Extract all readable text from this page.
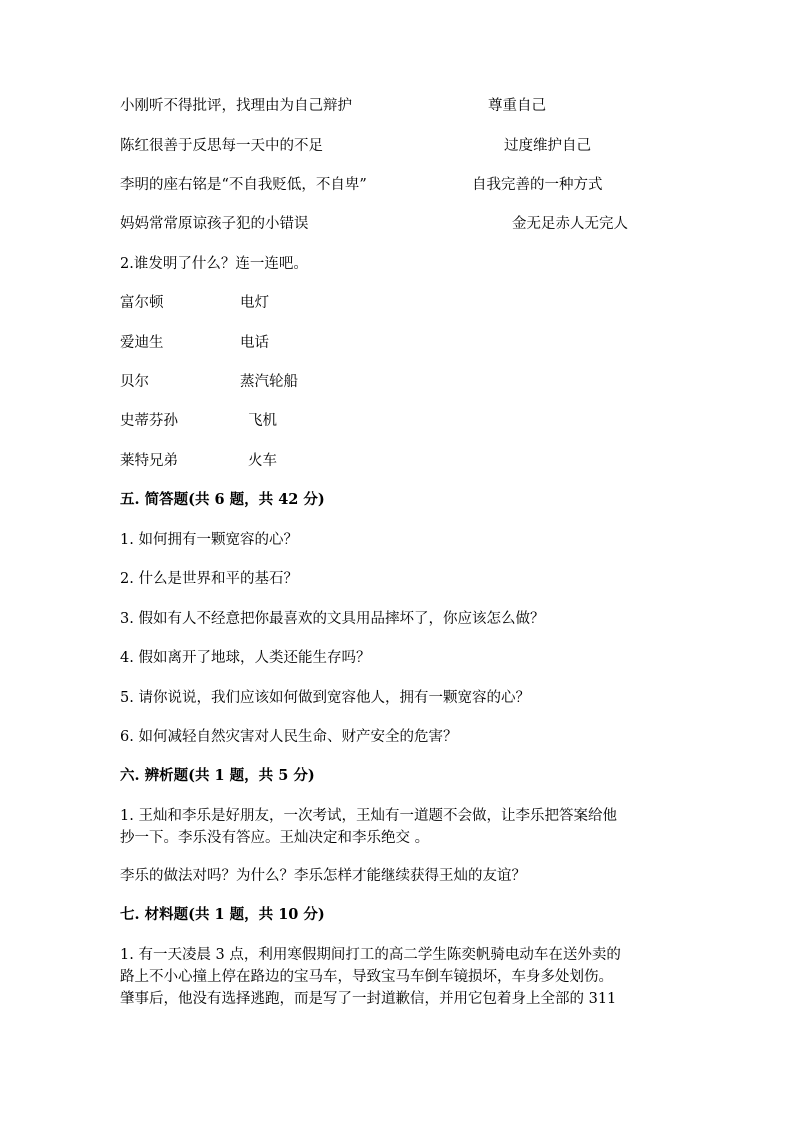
小刚听不得批评，找理由为自己辩护	尊重自己
陈红很善于反思每一天中的不足	过度维护自己
李明的座右铭是“不自我贬低，不自卑”	自我完善的一种方式
妈妈常常原谅孩子犯的小错误	金无足赤人无完人
2.谁发明了什么？连一连吧。
富尔顿	电灯
爱迪生	电话
贝尔	蒸汽轮船
史蒂芬孙	飞机
莱特兄弟	火车
五. 简答题(共 6 题，共 42 分)
1. 如何拥有一颗宽容的心？
2. 什么是世界和平的基石？
3. 假如有人不经意把你最喜欢的文具用品摔坏了，你应该怎么做？
4. 假如离开了地球，人类还能生存吗？
5. 请你说说，我们应该如何做到宽容他人，拥有一颗宽容的心？
6. 如何减轻自然灾害对人民生命、财产安全的危害？
六. 辨析题(共 1 题，共 5 分)

1. 王灿和李乐是好朋友，一次考试，王灿有一道题不会做，让李乐把答案给他

抄一下。李乐没有答应。王灿决定和李乐绝交 。

李乐的做法对吗？为什么？李乐怎样才能继续获得王灿的友谊？
七. 材料题(共 1 题，共 10 分)

1. 有一天凌晨 3 点，利用寒假期间打工的高二学生陈奕帆骑电动车在送外卖的

路上不小心撞上停在路边的宝马车，导致宝马车倒车镜损坏，车身多处划伤。

肇事后，他没有选择逃跑，而是写了一封道歉信，并用它包着身上全部的 311
